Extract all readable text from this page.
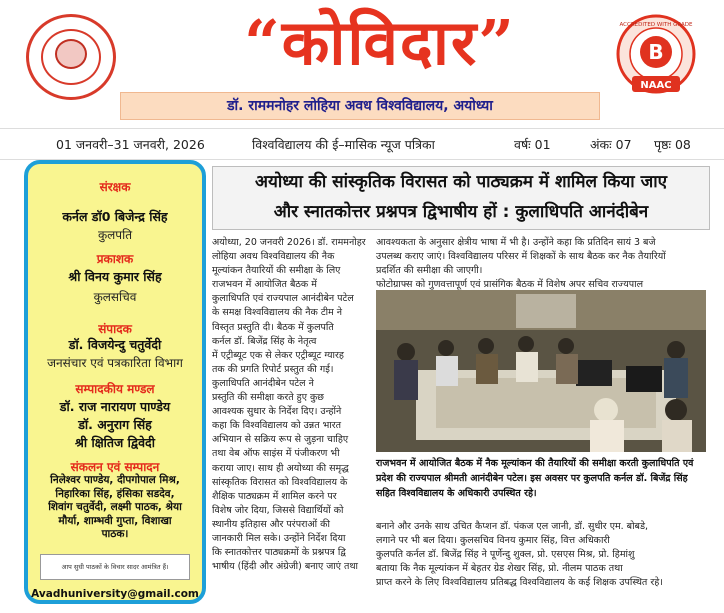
“कोविदार”	B
ACCREDITED WITH GRADE
NAAC
डॉ. राममनोहर लोहिया अवध विश्वविद्यालय, अयोध्या
01 जनवरी–31 जनवरी, 2026	विश्वविद्यालय की ई–मासिक न्यूज पत्रिका	वर्षः 01	अंकः 07 पृष्ठः 08
संरक्षक
कर्नल डॉ0 बिजेन्द्र सिंह
कुलपति
प्रकाशक
श्री विनय कुमार सिंह
कुलसचिव
संपादक
डॉ. विजयेन्दु चतुर्वेदी
जनसंचार एवं पत्रकारिता विभाग
सम्पादकीय मण्डल
डॉ. राज नारायण पाण्डेय
डॉ. अनुराग सिंह
श्री क्षितिज द्विवेदी
संकलन एवं सम्पादन
निलेश्वर पाण्डेय, दीपगोपाल मिश्र,
निहारिका सिंह, हंसिका सडदेव,
शिवांग चतुर्वेदी, लक्ष्मी पाठक, श्रेया
मौर्या, शाम्भवी गुप्ता, विशाखा
पाठक।
आप सुधी पाठकों के विचार सादर आमंत्रित हैं।
Avadhuniversity@gmail.com
अयोध्या की सांस्कृतिक विरासत को पाठ्यक्रम में शामिल किया जाए
और स्नातकोत्तर प्रश्नपत्र द्विभाषीय हों : कुलाधिपति आनंदीबेन
अयोध्या, 20 जनवरी 2026। डॉ. राममनोहर
लोहिया अवध विश्वविद्यालय की नैक
मूल्यांकन तैयारियों की समीक्षा के लिए
राजभवन में आयोजित बैठक में
कुलाधिपति एवं राज्यपाल आनंदीबेन पटेल
के समक्ष विश्वविद्यालय की नैक टीम ने
विस्तृत प्रस्तुति दी। बैठक में कुलपति
कर्नल डॉ. बिजेंद्र सिंह के नेतृत्व
में एट्रीब्यूट एक से लेकर एट्रीब्यूट ग्यारह
तक की प्रगति रिपोर्ट प्रस्तुत की गई।
कुलाधिपति आनंदीबेन पटेल ने
प्रस्तुति की समीक्षा करते हुए कुछ
आवश्यक सुधार के निर्देश दिए। उन्होंने
कहा कि विश्वविद्यालय को उन्नत भारत
अभियान से सक्रिय रूप से जुड़ना चाहिए
तथा वेब ऑफ साइंस में पंजीकरण भी
कराया जाए। साथ ही अयोध्या की समृद्ध
सांस्कृतिक विरासत को विश्वविद्यालय के
शैक्षिक पाठ्यक्रम में शामिल करने पर
विशेष जोर दिया, जिससे विद्यार्थियों को
स्थानीय इतिहास और परंपराओं की
जानकारी मिल सके। उन्होंने निर्देश दिया
कि स्नातकोत्तर पाठ्यक्रमों के प्रश्नपत्र द्वि
भाषीय (हिंदी और अंग्रेजी) बनाए जाएं तथा
आवश्यकता के अनुसार क्षेत्रीय भाषा में भी है। उन्होंने कहा कि प्रतिदिन सायं 3 बजे
उपलब्ध कराए जाएं। विश्वविद्यालय परिसर में शिक्षकों के साथ बैठक कर नैक तैयारियों
प्रदर्शित की समीक्षा की जाएगी।
फोटोग्राफ्स को गुणवत्तापूर्ण एवं प्रासंगिक बैठक में विशेष अपर सचिव राज्यपाल
राजभवन में आयोजित बैठक में नैक मूल्यांकन की तैयारियों की समीक्षा करती कुलाधिपति एवं प्रदेश की राज्यपाल श्रीमती आनंदीबेन पटेल। इस अवसर पर कुलपति कर्नल डॉ. बिजेंद्र सिंह सहित विश्वविद्यालय के अधिकारी उपस्थित रहे।
बनाने और उनके साथ उचित कैप्शन डॉ. पंकज एल जानी, डॉ. सुधीर एम. बोबडे,
लगाने पर भी बल दिया। कुलसचिव विनय कुमार सिंह, वित्त अधिकारी
कुलपति कर्नल डॉ. बिजेंद्र सिंह ने पूर्णेन्दु शुक्ल, प्रो. एसएस मिश्र, प्रो. हिमांशु
बताया कि नैक मूल्यांकन में बेहतर ग्रेड शेखर सिंह, प्रो. नीलम पाठक तथा
प्राप्त करने के लिए विश्वविद्यालय प्रतिबद्ध विश्वविद्यालय के कई शिक्षक उपस्थित रहे।
